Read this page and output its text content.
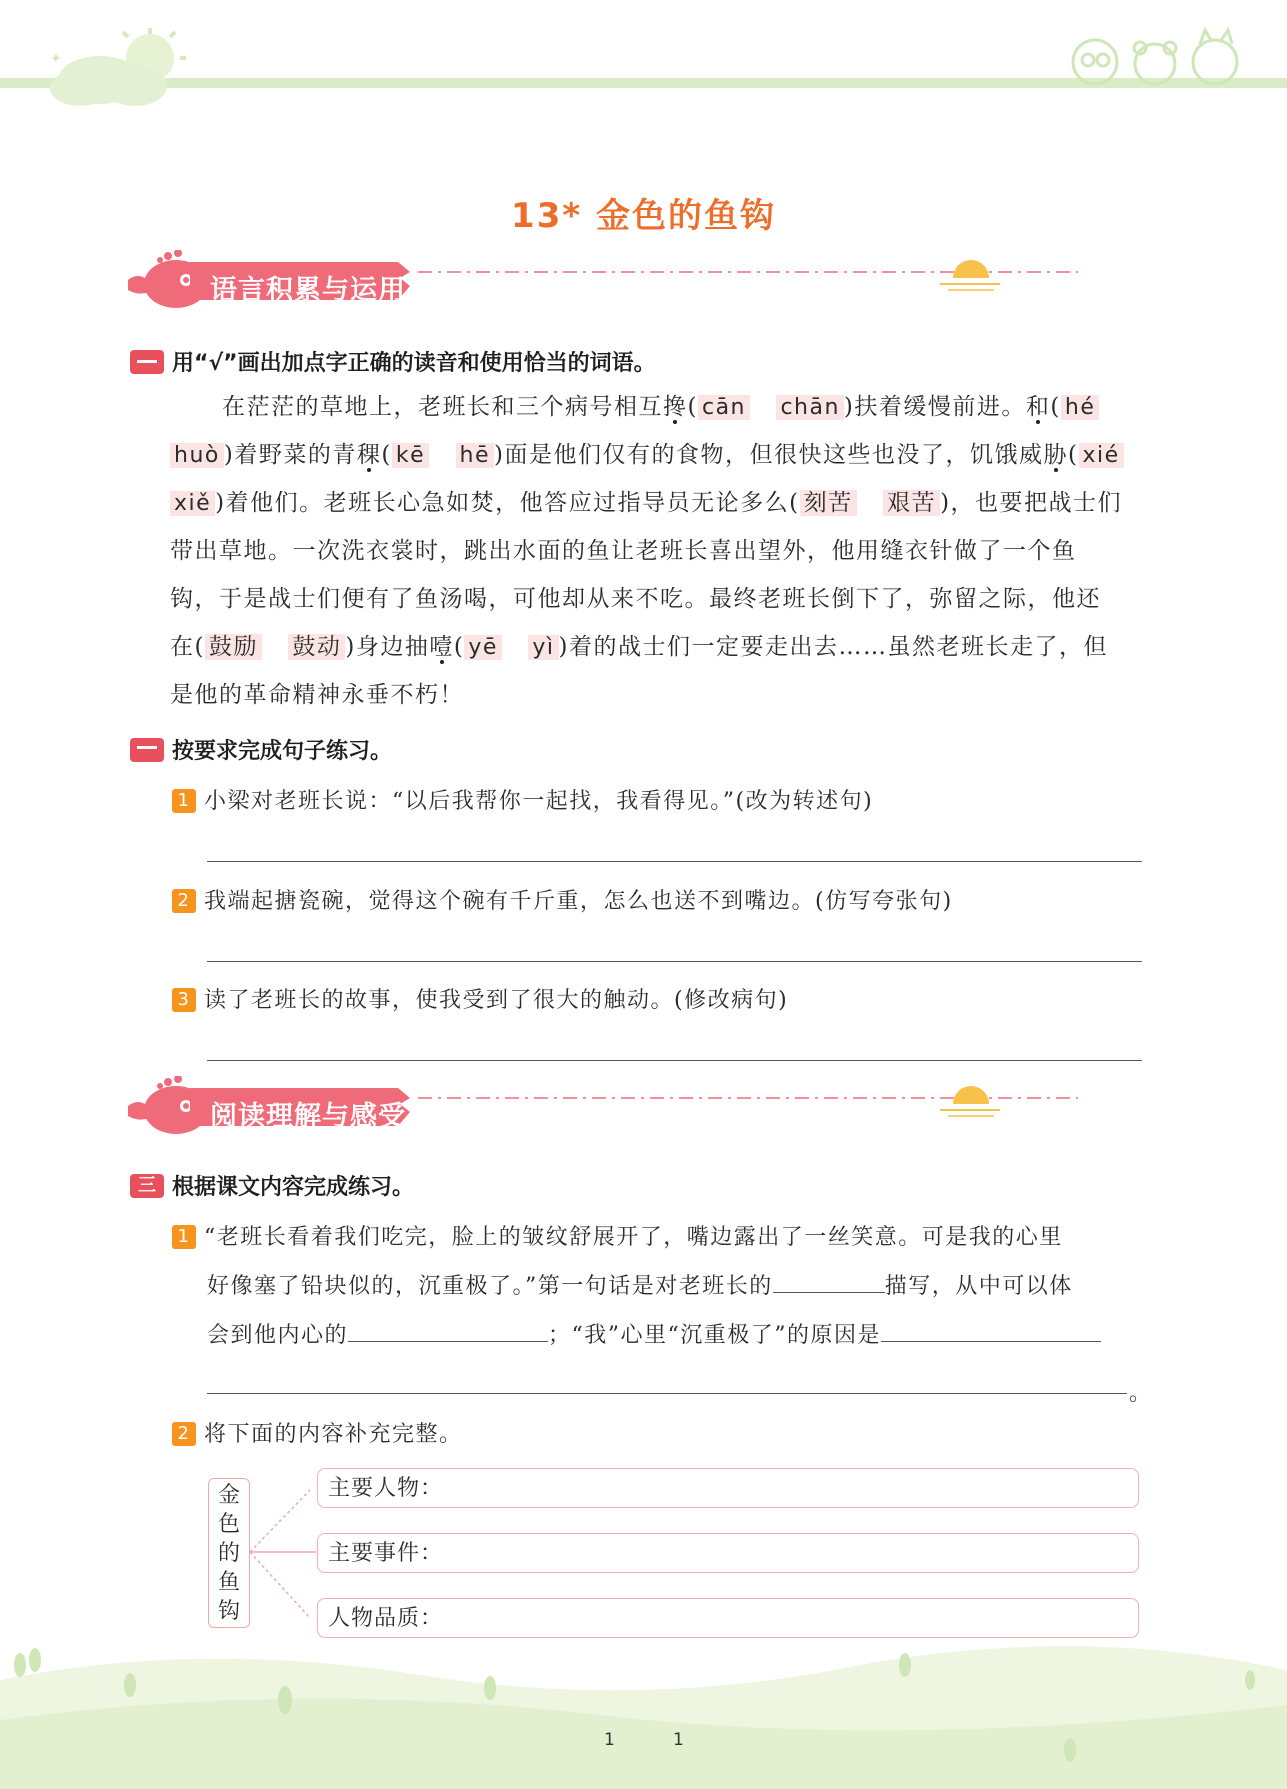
✦
13* 金色的鱼钩
语言积累与运用
用“√”画出加点字正确的读音和使用恰当的词语。
在茫茫的草地上，老班长和三个病号相互搀( cān chān )扶着缓慢前进。和( hé
huò )着野菜的青稞( kē hē )面是他们仅有的食物，但很快这些也没了，饥饿威胁( xié
xiě )着他们。老班长心急如焚，他答应过指导员无论多么( 刻苦 艰苦 )，也要把战士们
带出草地。一次洗衣裳时，跳出水面的鱼让老班长喜出望外，他用缝衣针做了一个鱼
钩，于是战士们便有了鱼汤喝，可他却从来不吃。最终老班长倒下了，弥留之际，他还
在( 鼓励 鼓动 )身边抽噎( yē yì )着的战士们一定要走出去……虽然老班长走了，但
是他的革命精神永垂不朽！
按要求完成句子练习。
1 小梁对老班长说：“以后我帮你一起找，我看得见。”(改为转述句)
2 我端起搪瓷碗，觉得这个碗有千斤重，怎么也送不到嘴边。(仿写夸张句)
3 读了老班长的故事，使我受到了很大的触动。(修改病句)
阅读理解与感受
三 根据课文内容完成练习。
1 “老班长看着我们吃完，脸上的皱纹舒展开了，嘴边露出了一丝笑意。可是我的心里
好像塞了铅块似的，沉重极了。”第一句话是对老班长的	描写，从中可以体
会到他内心的	；“我”心里“沉重极了”的原因是
。
2 将下面的内容补充完整。
金
色
的
鱼
钩
主要人物：
主要事件：
人物品质：
1	1
